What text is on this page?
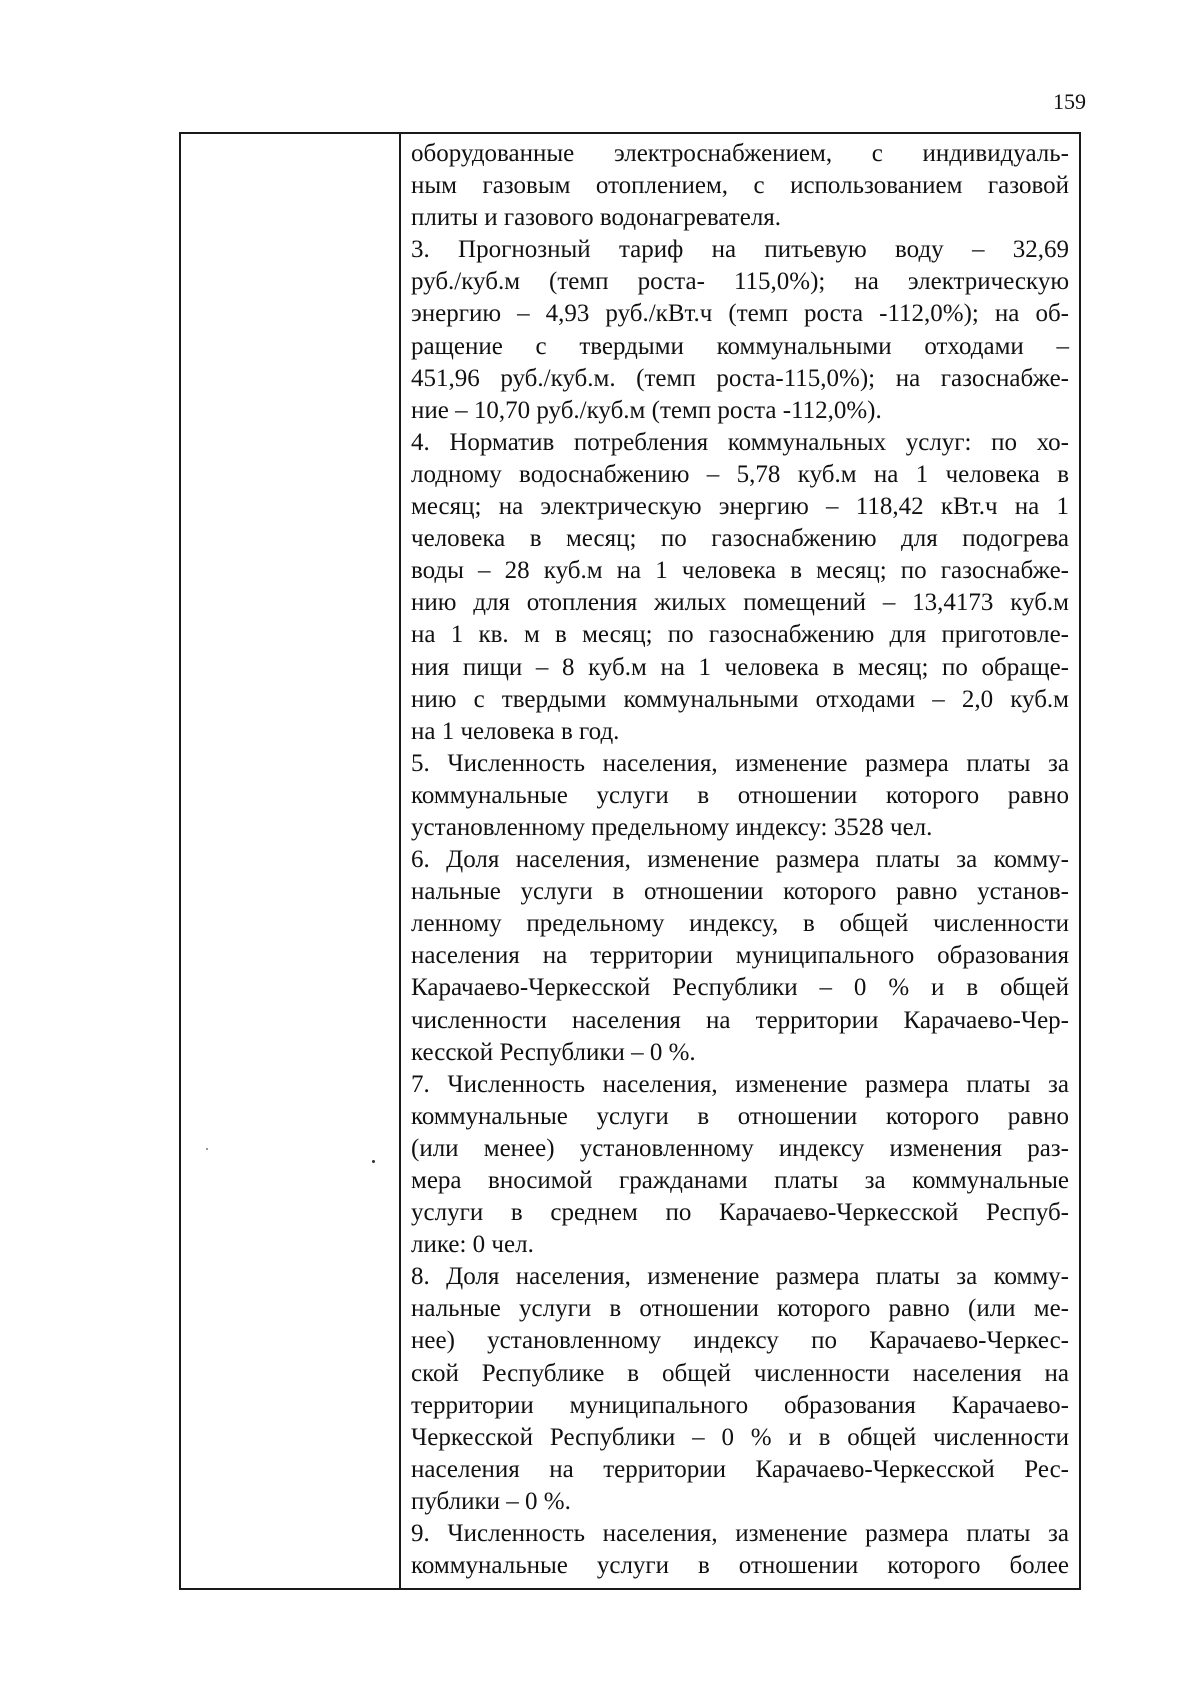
159
оборудованные электроснабжением, с индивидуаль-
ным газовым отоплением, с использованием газовой
плиты и газового водонагревателя.
3. Прогнозный тариф на питьевую воду – 32,69
руб./куб.м (темп роста- 115,0%); на электрическую
энергию – 4,93 руб./кВт.ч (темп роста -112,0%); на об-
ращение с твердыми коммунальными отходами –
451,96 руб./куб.м. (темп роста-115,0%); на газоснабже-
ние – 10,70 руб./куб.м (темп роста -112,0%).
4. Норматив потребления коммунальных услуг: по хо-
лодному водоснабжению – 5,78 куб.м на 1 человека в
месяц; на электрическую энергию – 118,42 кВт.ч на 1
человека в месяц; по газоснабжению для подогрева
воды – 28 куб.м на 1 человека в месяц; по газоснабже-
нию для отопления жилых помещений – 13,4173 куб.м
на 1 кв. м в месяц; по газоснабжению для приготовле-
ния пищи – 8 куб.м на 1 человека в месяц; по обраще-
нию с твердыми коммунальными отходами – 2,0 куб.м
на 1 человека в год.
5. Численность населения, изменение размера платы за
коммунальные услуги в отношении которого равно
установленному предельному индексу: 3528 чел.
6. Доля населения, изменение размера платы за комму-
нальные услуги в отношении которого равно установ-
ленному предельному индексу, в общей численности
населения на территории муниципального образования
Карачаево-Черкесской Республики – 0 % и в общей
численности населения на территории Карачаево-Чер-
кесской Республики – 0 %.
7. Численность населения, изменение размера платы за
коммунальные услуги в отношении которого равно
(или менее) установленному индексу изменения раз-
мера вносимой гражданами платы за коммунальные
услуги в среднем по Карачаево-Черкесской Респуб-
лике: 0 чел.
8. Доля населения, изменение размера платы за комму-
нальные услуги в отношении которого равно (или ме-
нее) установленному индексу по Карачаево-Черкес-
ской Республике в общей численности населения на
территории муниципального образования Карачаево-
Черкесской Республики – 0 % и в общей численности
населения на территории Карачаево-Черкесской Рес-
публики – 0 %.
9. Численность населения, изменение размера платы за
коммунальные услуги в отношении которого более
